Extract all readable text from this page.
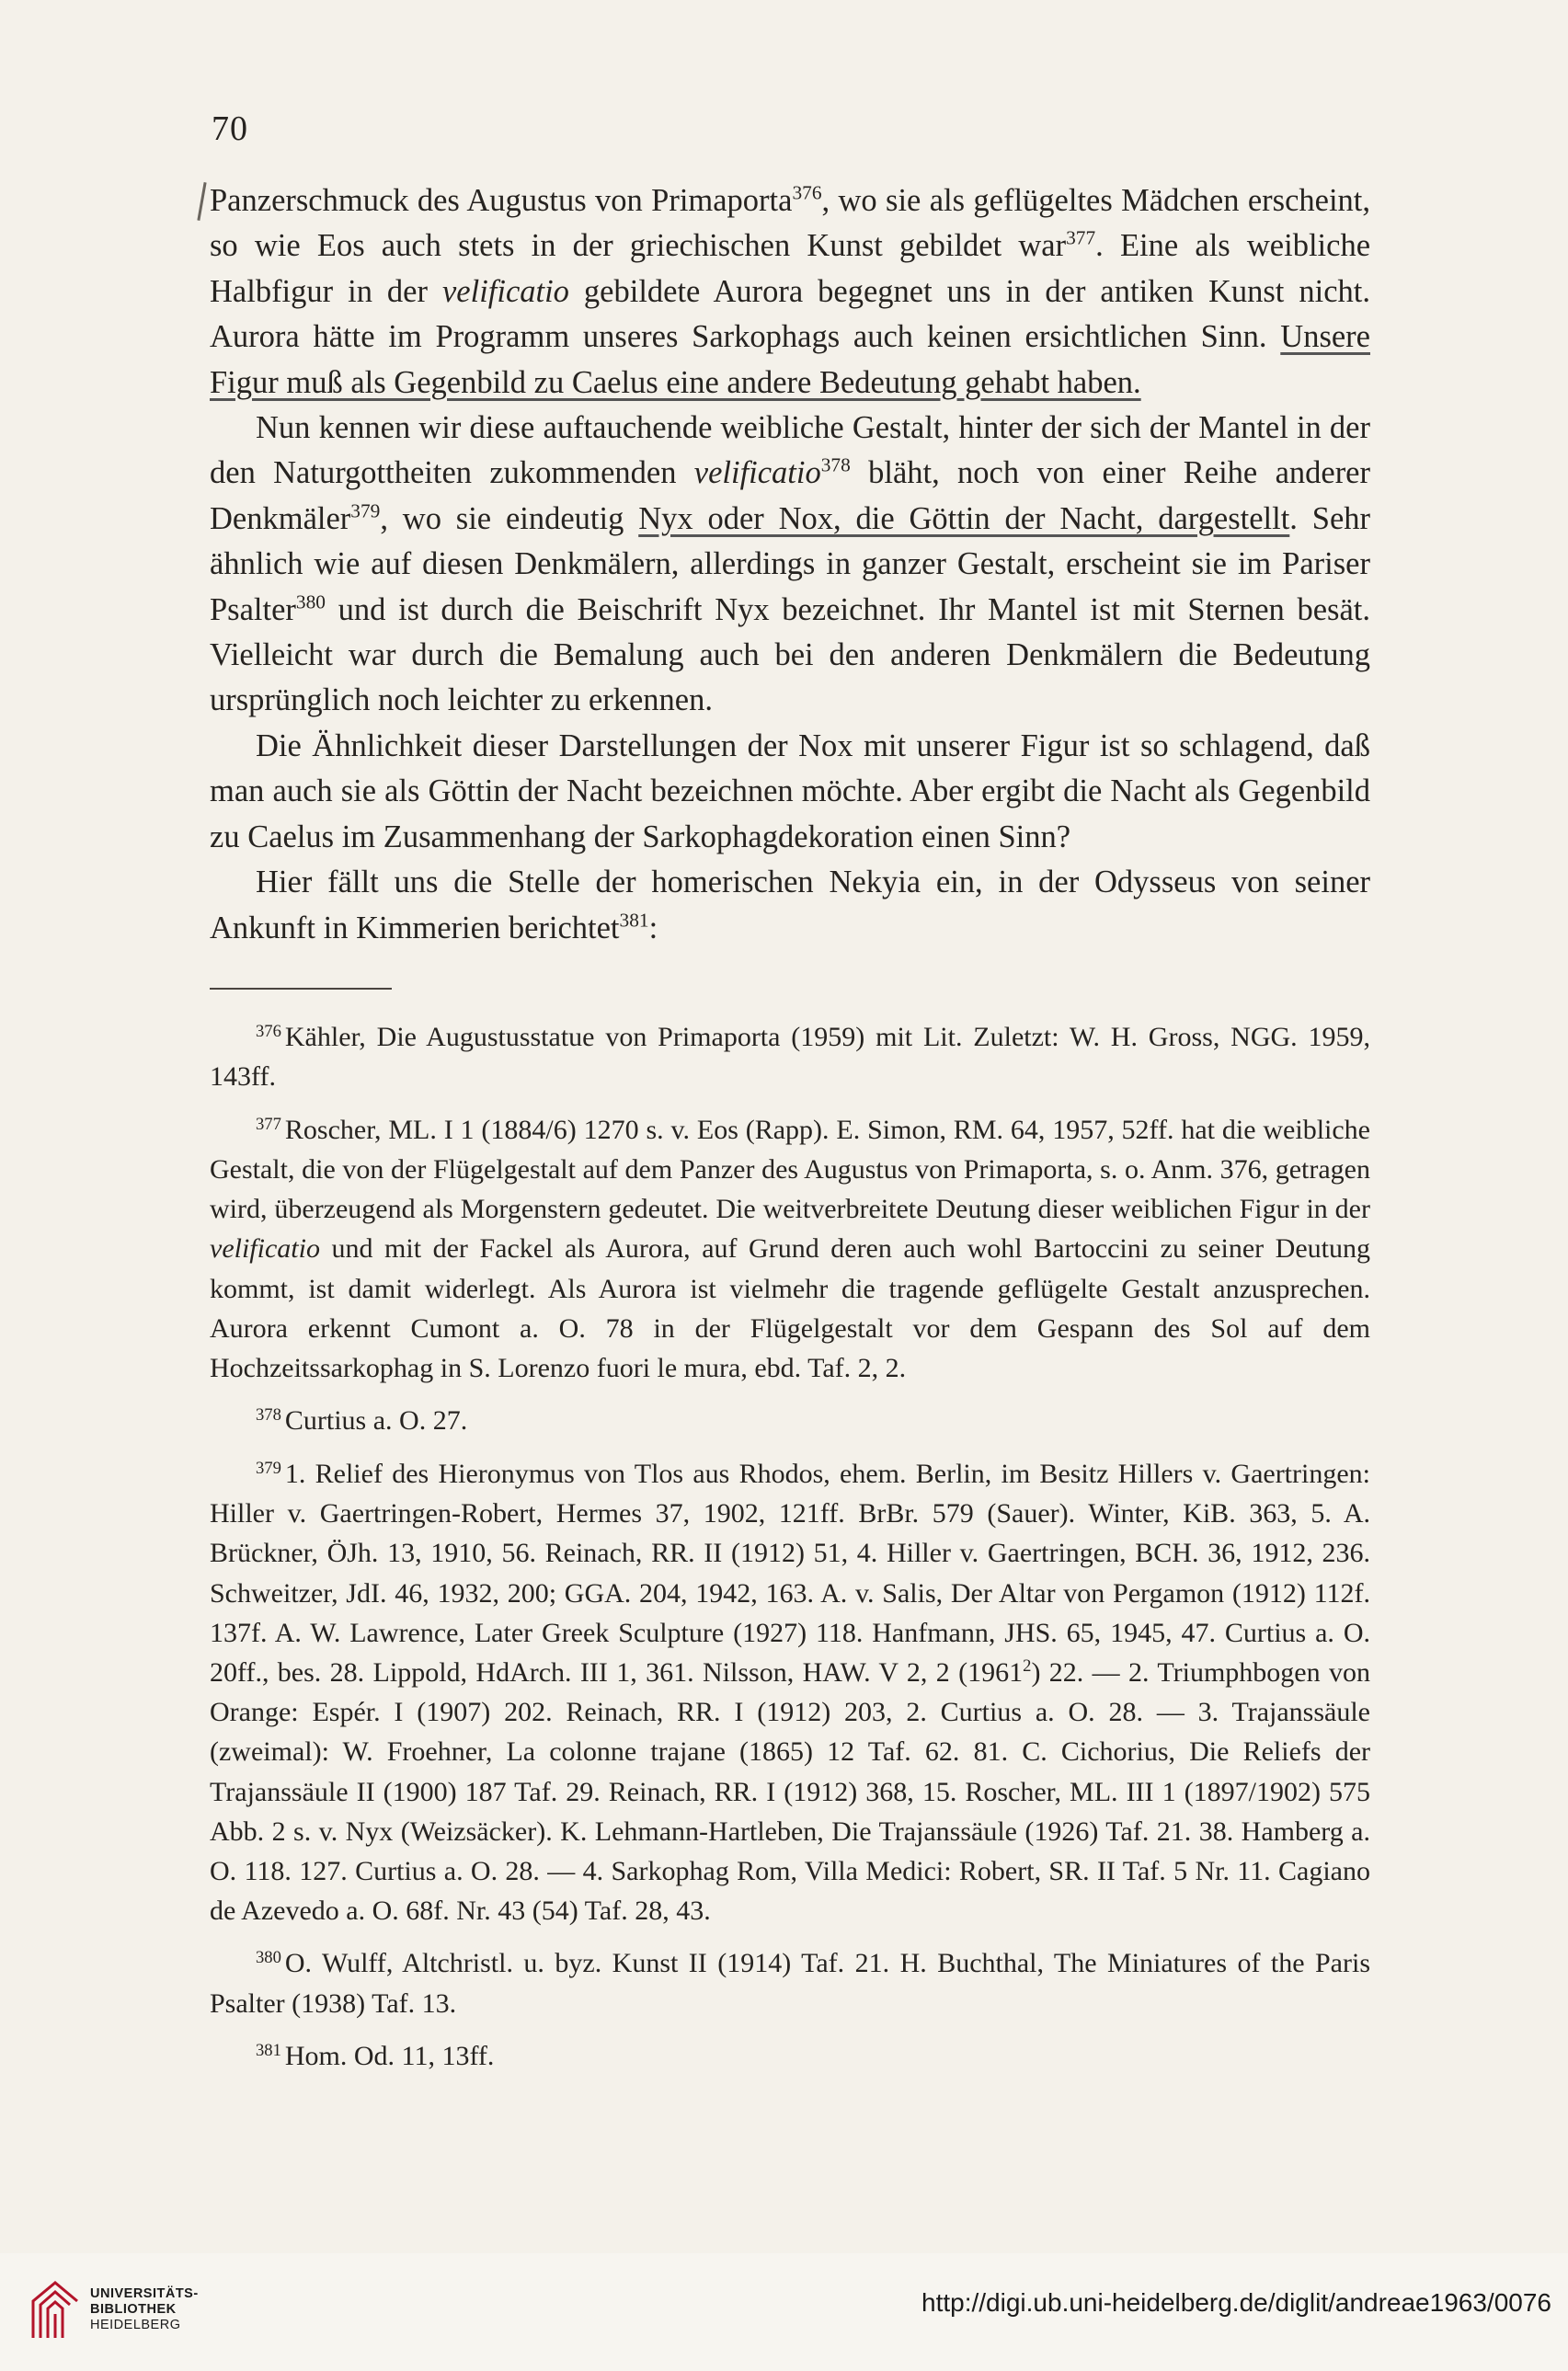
70

Panzerschmuck des Augustus von Primaporta$^{376}$, wo sie als geflügeltes Mädchen erscheint, so wie Eos auch stets in der griechischen Kunst gebildet war$^{377}$. Eine als weibliche Halbfigur in der velificatio gebildete Aurora begegnet uns in der antiken Kunst nicht. Aurora hätte im Programm unseres Sarkophags auch keinen ersichtlichen Sinn. Unsere Figur muß als Gegenbild zu Caelus eine andere Bedeutung gehabt haben.

Nun kennen wir diese auftauchende weibliche Gestalt, hinter der sich der Mantel in der den Naturgottheiten zukommenden velificatio$^{378}$ bläht, noch von einer Reihe anderer Denkmäler$^{379}$, wo sie eindeutig Nyx oder Nox, die Göttin der Nacht, dargestellt. Sehr ähnlich wie auf diesen Denkmälern, allerdings in ganzer Gestalt, erscheint sie im Pariser Psalter$^{380}$ und ist durch die Beischrift Nyx bezeichnet. Ihr Mantel ist mit Sternen besät. Vielleicht war durch die Bemalung auch bei den anderen Denkmälern die Bedeutung ursprünglich noch leichter zu erkennen.

Die Ähnlichkeit dieser Darstellungen der Nox mit unserer Figur ist so schlagend, daß man auch sie als Göttin der Nacht bezeichnen möchte. Aber ergibt die Nacht als Gegenbild zu Caelus im Zusammenhang der Sarkophagdekoration einen Sinn?

Hier fällt uns die Stelle der homerischen Nekyia ein, in der Odysseus von seiner Ankunft in Kimmerien berichtet$^{381}$:

$^{376}$ Kähler, Die Augustusstatue von Primaporta (1959) mit Lit. Zuletzt: W. H. Gross, NGG. 1959, 143ff.

$^{377}$ Roscher, ML. I 1 (1884/6) 1270 s. v. Eos (Rapp). E. Simon, RM. 64, 1957, 52ff. hat die weibliche Gestalt, die von der Flügelgestalt auf dem Panzer des Augustus von Primaporta, s. o. Anm. 376, getragen wird, überzeugend als Morgenstern gedeutet. Die weitverbreitete Deutung dieser weiblichen Figur in der velificatio und mit der Fackel als Aurora, auf Grund deren auch wohl Bartoccini zu seiner Deutung kommt, ist damit widerlegt. Als Aurora ist vielmehr die tragende geflügelte Gestalt anzusprechen. Aurora erkennt Cumont a. O. 78 in der Flügelgestalt vor dem Gespann des Sol auf dem Hochzeitssarkophag in S. Lorenzo fuori le mura, ebd. Taf. 2, 2.

$^{378}$ Curtius a. O. 27.

$^{379}$ 1. Relief des Hieronymus von Tlos aus Rhodos, ehem. Berlin, im Besitz Hillers v. Gaertringen: Hiller v. Gaertringen-Robert, Hermes 37, 1902, 121ff. BrBr. 579 (Sauer). Winter, KiB. 363, 5. A. Brückner, ÖJh. 13, 1910, 56. Reinach, RR. II (1912) 51, 4. Hiller v. Gaertringen, BCH. 36, 1912, 236. Schweitzer, JdI. 46, 1932, 200; GGA. 204, 1942, 163. A. v. Salis, Der Altar von Pergamon (1912) 112f. 137f. A. W. Lawrence, Later Greek Sculpture (1927) 118. Hanfmann, JHS. 65, 1945, 47. Curtius a. O. 20ff., bes. 28. Lippold, HdArch. III 1, 361. Nilsson, HAW. V 2, 2 (1961$^2$) 22. — 2. Triumphbogen von Orange: Espér. I (1907) 202. Reinach, RR. I (1912) 203, 2. Curtius a. O. 28. — 3. Trajanssäule (zweimal): W. Froehner, La colonne trajane (1865) 12 Taf. 62. 81. C. Cichorius, Die Reliefs der Trajanssäule II (1900) 187 Taf. 29. Reinach, RR. I (1912) 368, 15. Roscher, ML. III 1 (1897/1902) 575 Abb. 2 s. v. Nyx (Weizsäcker). K. Lehmann-Hartleben, Die Trajanssäule (1926) Taf. 21. 38. Hamberg a. O. 118. 127. Curtius a. O. 28. — 4. Sarkophag Rom, Villa Medici: Robert, SR. II Taf. 5 Nr. 11. Cagiano de Azevedo a. O. 68f. Nr. 43 (54) Taf. 28, 43.

$^{380}$ O. Wulff, Altchristl. u. byz. Kunst II (1914) Taf. 21. H. Buchthal, The Miniatures of the Paris Psalter (1938) Taf. 13.

$^{381}$ Hom. Od. 11, 13ff.

UNIVERSITÄTS-
BIBLIOTHEK
HEIDELBERG
http://digi.ub.uni-heidelberg.de/diglit/andreae1963/0076
